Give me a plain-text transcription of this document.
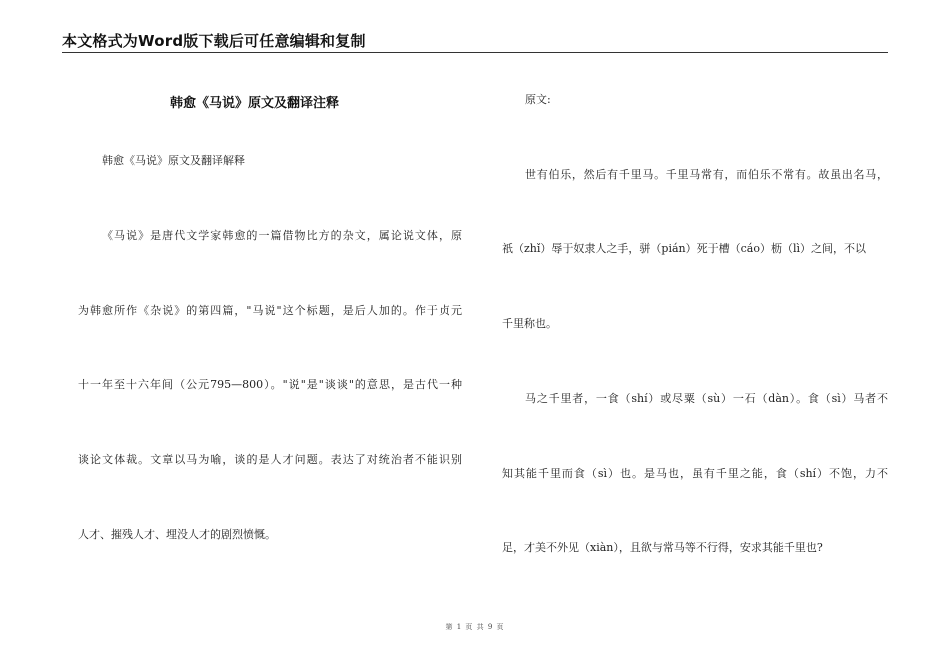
本文格式为Word版下载后可任意编辑和复制
韩愈《马说》原文及翻译注释
韩愈《马说》原文及翻译解释
《马说》是唐代文学家韩愈的一篇借物比方的杂文，属论说文体，原
为韩愈所作《杂说》的第四篇，"马说"这个标题，是后人加的。作于贞元
十一年至十六年间（公元795—800）。"说"是"谈谈"的意思，是古代一种
谈论文体裁。文章以马为喻，谈的是人才问题。表达了对统治者不能识别
人才、摧残人才、埋没人才的剧烈愤慨。
原文:
世有伯乐，然后有千里马。千里马常有，而伯乐不常有。故虽出名马，
祇（zhǐ）辱于奴隶人之手，骈（pián）死于槽（cáo）枥（lì）之间，不以
千里称也。
马之千里者，一食（shí）或尽粟（sù）一石（dàn）。食（sì）马者不
知其能千里而食（sì）也。是马也，虽有千里之能，食（shí）不饱，力不
足，才美不外见（xiàn），且欲与常马等不行得，安求其能千里也?
第 1 页 共 9 页
